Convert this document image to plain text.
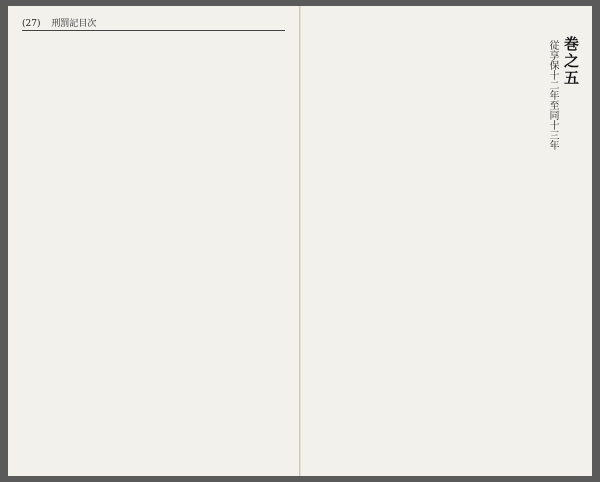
(27) 刑罰記目次
巻之五
従享保十二年至同十三年
